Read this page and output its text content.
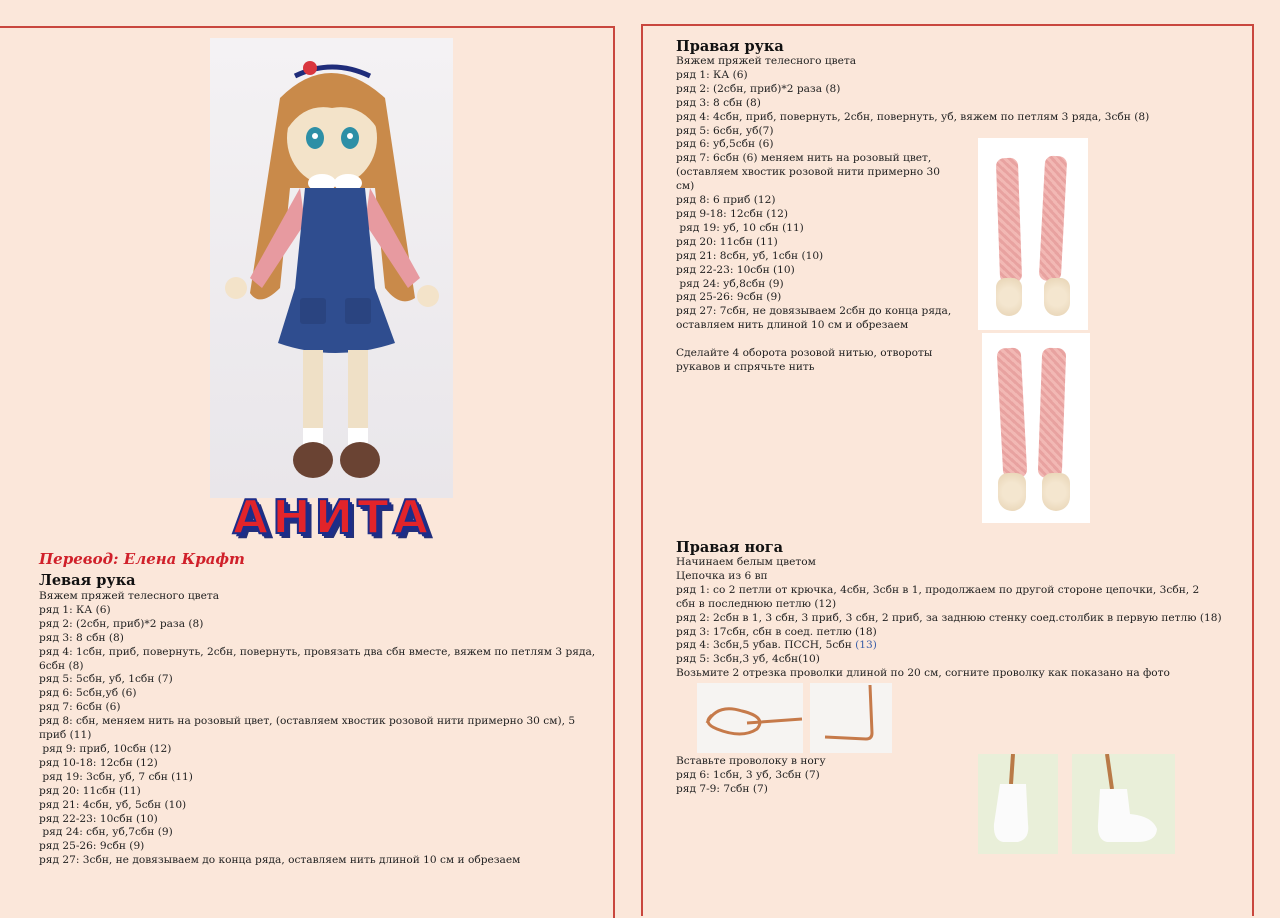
АНИТА
Перевод: Елена Крафт
Левая рука
Вяжем пряжей телесного цвета
ряд 1: КА (6)
ряд 2: (2сбн, приб)*2 раза (8)
ряд 3: 8 сбн (8)
ряд 4: 1сбн, приб, повернуть, 2сбн, повернуть, провязать два сбн вместе, вяжем по петлям 3 ряда, 6сбн (8)
ряд 5: 5сбн, уб, 1сбн (7)
ряд 6: 5сбн,уб (6)
ряд 7: 6сбн (6)
ряд 8: сбн, меняем нить на розовый цвет, (оставляем хвостик розовой нити примерно 30 см), 5 приб (11)
ряд 9: приб, 10сбн (12)
ряд 10-18: 12сбн (12)
ряд 19: 3сбн, уб, 7 сбн (11)
ряд 20: 11сбн (11)
ряд 21: 4сбн, уб, 5сбн (10)
ряд 22-23: 10сбн (10)
ряд 24: сбн, уб,7сбн (9)
ряд 25-26: 9сбн (9)
ряд 27: 3сбн, не довязываем до конца ряда, оставляем нить длиной 10 см и обрезаем
Правая рука
Вяжем пряжей телесного цвета
ряд 1: КА (6)
ряд 2: (2сбн, приб)*2 раза (8)
ряд 3: 8 сбн (8)
ряд 4: 4сбн, приб, повернуть, 2сбн, повернуть, уб, вяжем по петлям 3 ряда, 3сбн (8)
ряд 5: 6сбн, уб(7)
ряд 6: уб,5сбн (6)
ряд 7: 6сбн (6) меняем нить на розовый цвет,
(оставляем хвостик розовой нити примерно 30
см)
ряд 8: 6 приб (12)
ряд 9-18: 12сбн (12)
ряд 19: уб, 10 сбн (11)
ряд 20: 11сбн (11)
ряд 21: 8сбн, уб, 1сбн (10)
ряд 22-23: 10сбн (10)
ряд 24: уб,8сбн (9)
ряд 25-26: 9сбн (9)
ряд 27: 7сбн, не довязываем 2сбн до конца ряда,
оставляем нить длиной 10 см и обрезаем
Сделайте 4 оборота розовой нитью, отвороты
рукавов и спрячьте нить
Правая нога
Начинаем белым цветом
Цепочка из 6 вп
ряд 1: со 2 петли от крючка, 4сбн, 3сбн в 1, продолжаем по другой стороне цепочки, 3сбн, 2 сбн в последнюю петлю (12)
ряд 2: 2сбн в 1, 3 сбн, 3 приб, 3 сбн, 2 приб, за заднюю стенку соед.столбик в первую петлю (18)
ряд 3: 17сбн, сбн в соед. петлю (18)
ряд 4: 3сбн,5 убав. ПССН, 5сбн (13)
ряд 5: 3сбн,3 уб, 4сбн(10)
Возьмите 2 отрезка проволки длиной по 20 см, согните проволку как показано на фото
Вставьте проволоку в ногу
ряд 6: 1сбн, 3 уб, 3сбн (7)
ряд 7-9: 7сбн (7)
